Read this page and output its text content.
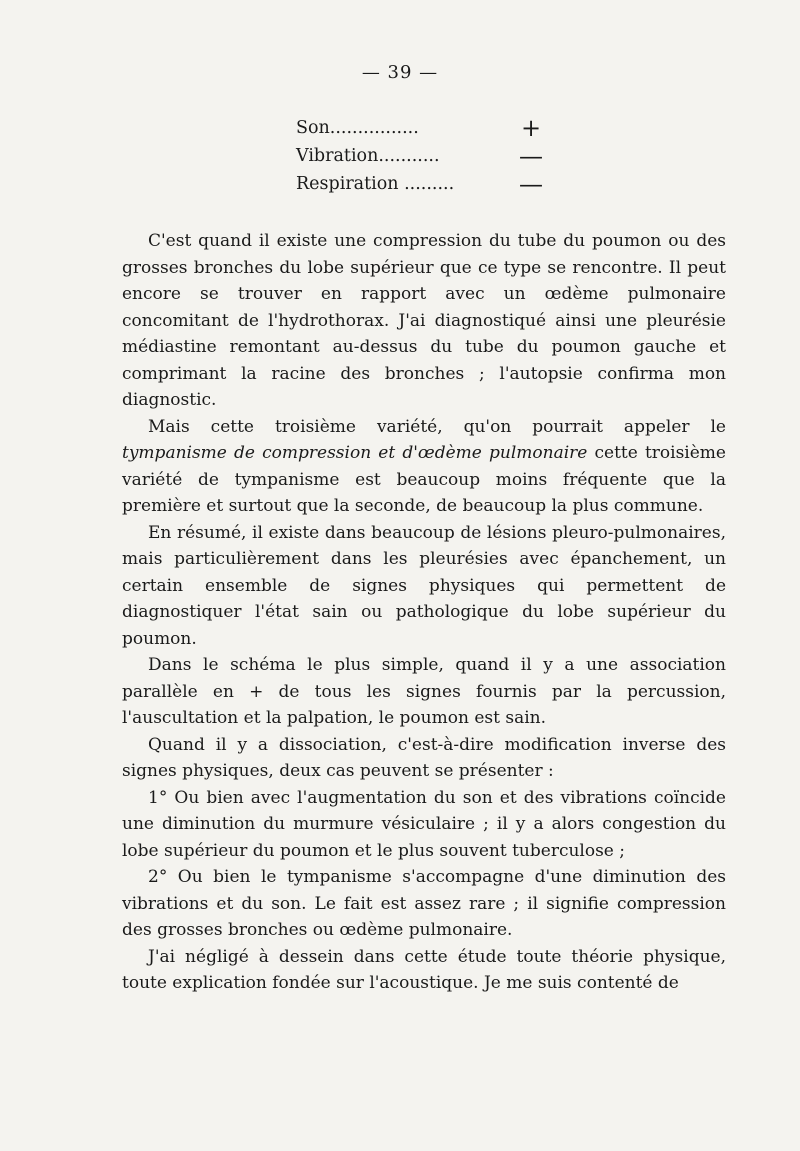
— 39 —
Son................	+
Vibration...........	—
Respiration .........	—

C'est quand il existe une compression du tube du poumon ou des grosses bronches du lobe supérieur que ce type se rencontre. Il peut encore se trouver en rapport avec un œdème pulmonaire concomitant de l'hydrothorax. J'ai diagnostiqué ainsi une pleurésie médiastine remontant au-dessus du tube du poumon gauche et comprimant la racine des bronches ; l'autopsie confirma mon diagnostic.

Mais cette troisième variété, qu'on pourrait appeler le tympanisme de compression et d'œdème pulmonaire cette troisième variété de tympanisme est beaucoup moins fréquente que la première et surtout que la seconde, de beaucoup la plus commune.

En résumé, il existe dans beaucoup de lésions pleuro-pulmonaires, mais particulièrement dans les pleurésies avec épanchement, un certain ensemble de signes physiques qui permettent de diagnostiquer l'état sain ou pathologique du lobe supérieur du poumon.

Dans le schéma le plus simple, quand il y a une association parallèle en + de tous les signes fournis par la percussion, l'auscultation et la palpation, le poumon est sain.

Quand il y a dissociation, c'est-à-dire modification inverse des signes physiques, deux cas peuvent se présenter :

1° Ou bien avec l'augmentation du son et des vibrations coïncide une diminution du murmure vésiculaire ; il y a alors congestion du lobe supérieur du poumon et le plus souvent tuberculose ;

2° Ou bien le tympanisme s'accompagne d'une diminution des vibrations et du son. Le fait est assez rare ; il signifie compression des grosses bronches ou œdème pulmonaire.

J'ai négligé à dessein dans cette étude toute théorie physique, toute explication fondée sur l'acoustique. Je me suis contenté de
